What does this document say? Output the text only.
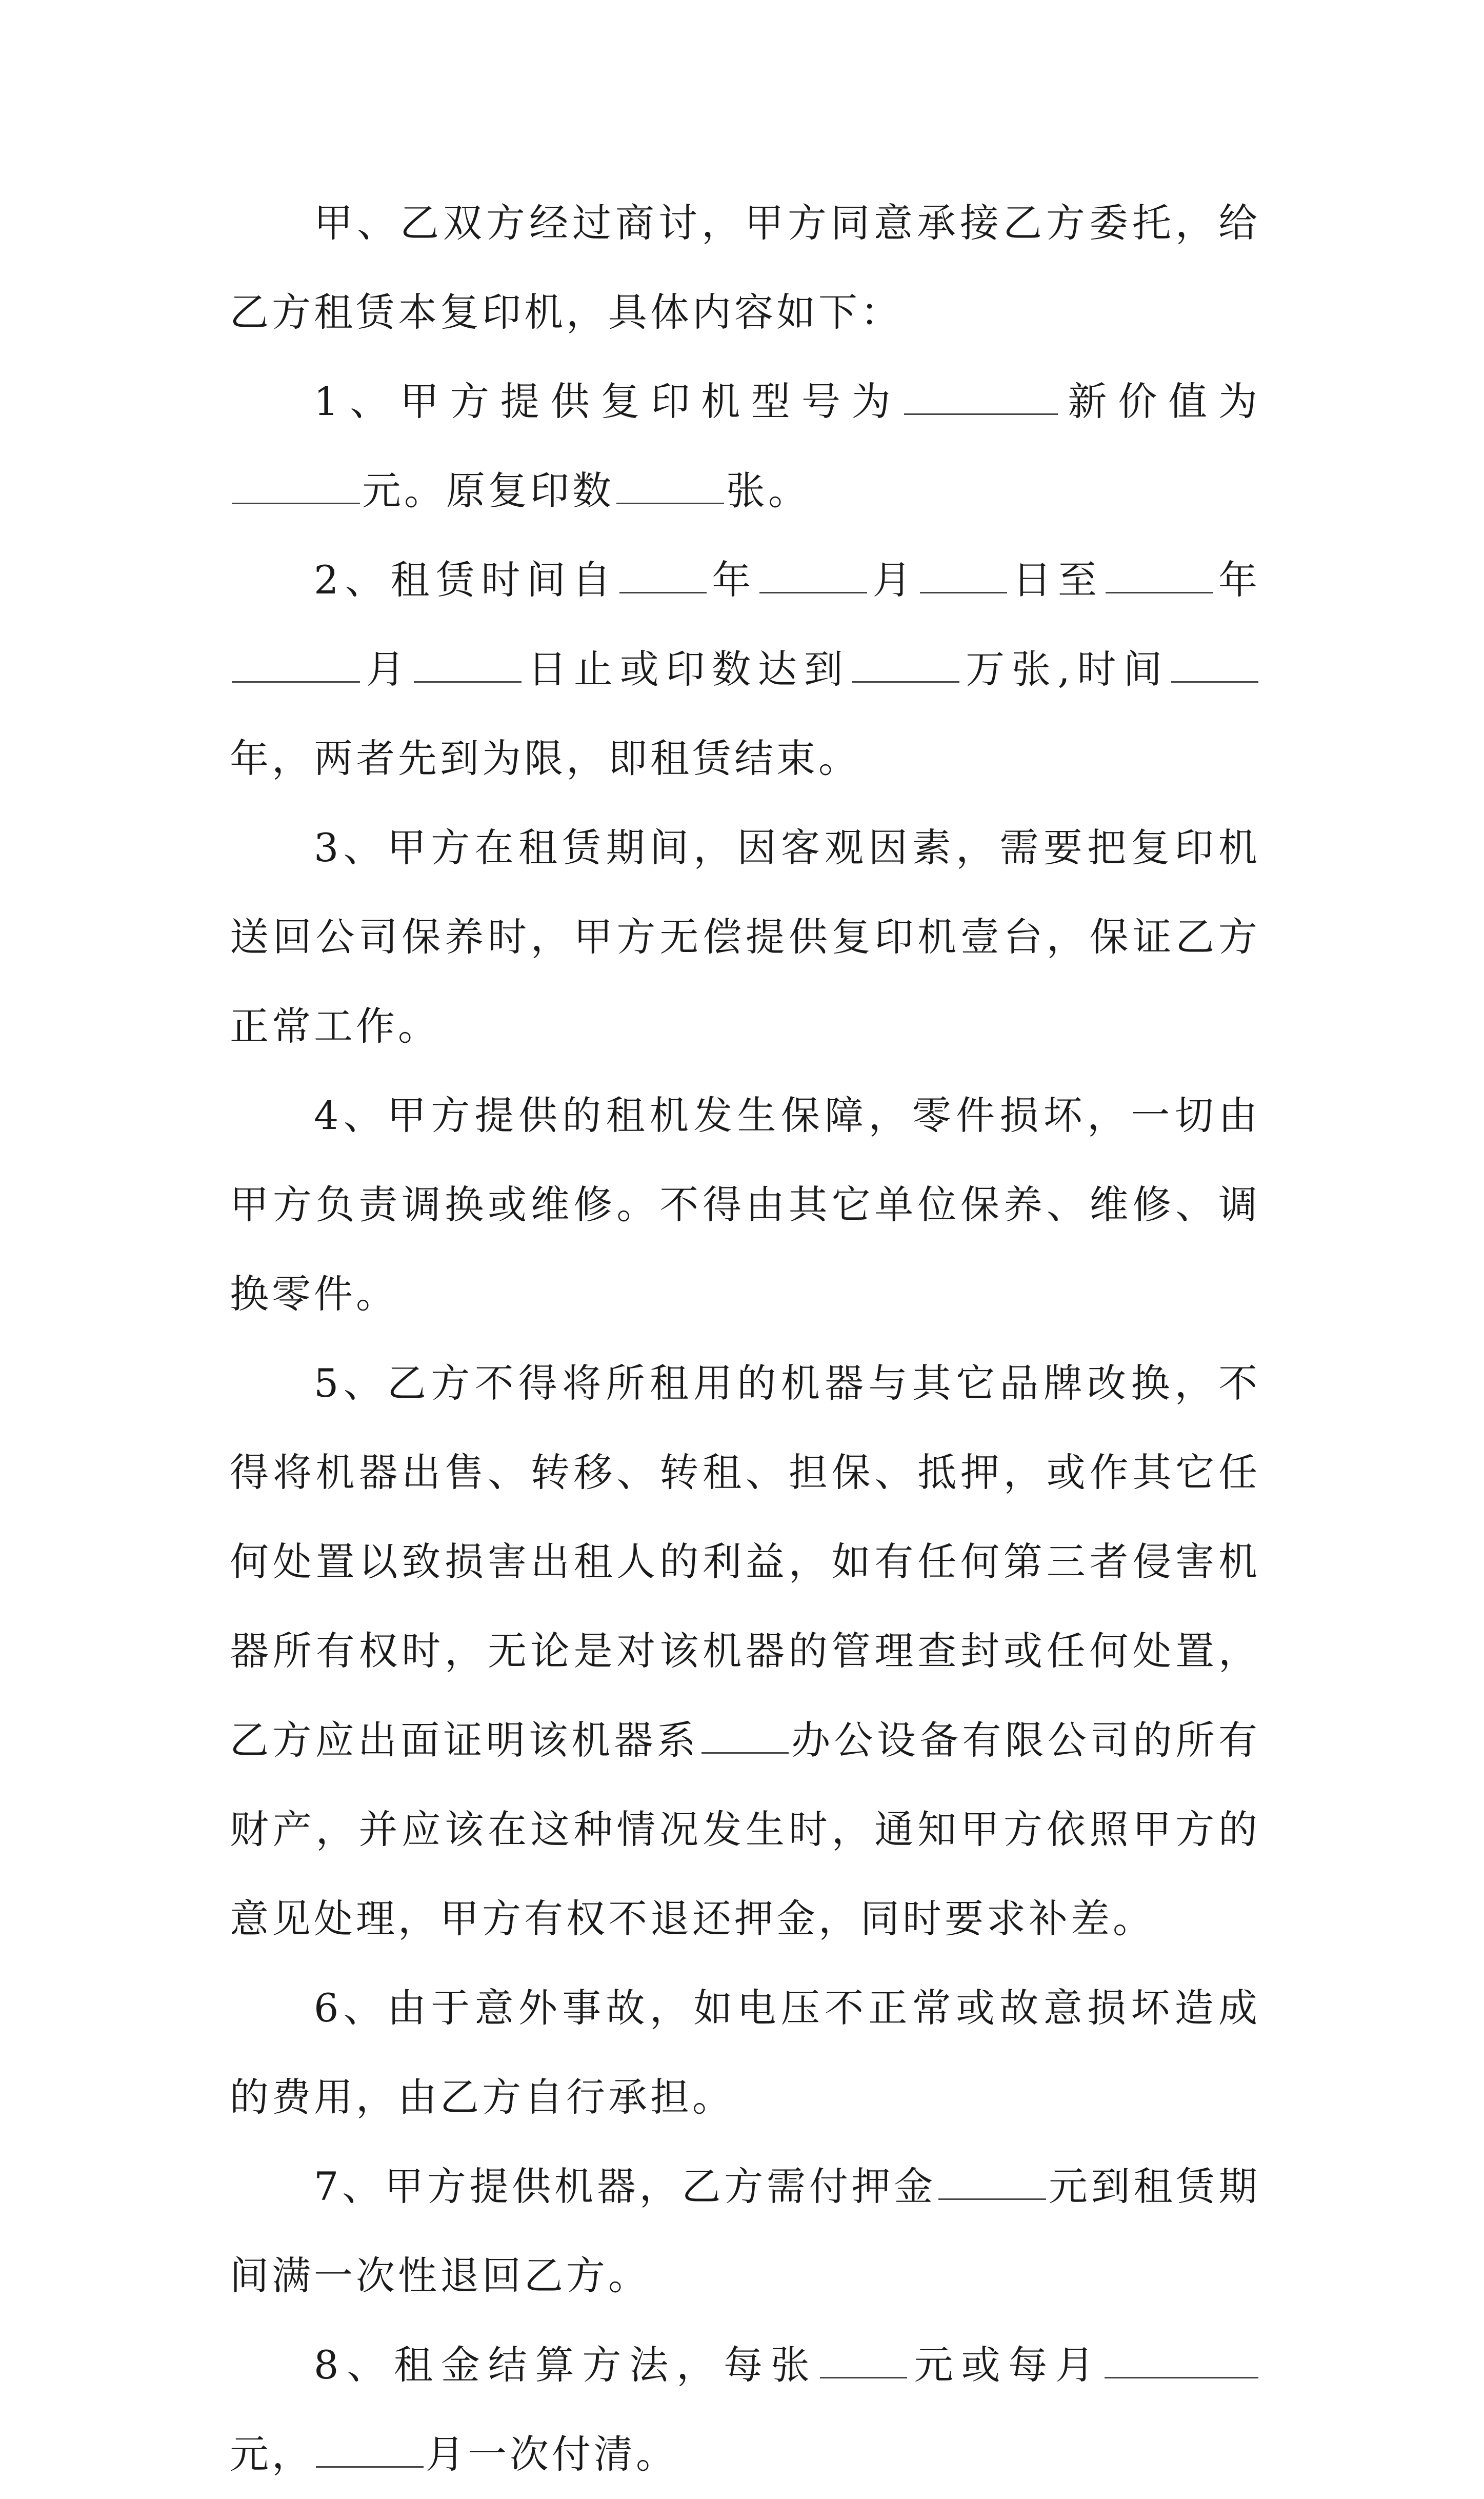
甲、乙双方经过商讨，甲方同意承接乙方委托，给乙方租赁本复印机，具体内容如下：

1、甲方提供复印机型号为	新价值为元。原复印数	张。

2、租赁时间自 年	月 日至	年月	日止或印数达到	万张,时间年，两者先到为限，即租赁结束。

3、甲方在租赁期间，因客观因素，需要把复印机送回公司保养时，甲方无偿提供复印机壹台，保证乙方正常工作。

4、甲方提供的租机发生保障，零件损坏，一切由甲方负责调换或维修。不得由其它单位保养、维修、调换零件。

5、乙方不得将所租用的机器与其它品牌改换，不得将机器出售、转移、转租、担保、抵押，或作其它任何处置以致损害出租人的利益，如有任何第三者侵害机器所有权时，无论是对该机器的管理查封或任何处置，乙方应出面证明该机器系 办公设备有限公司的所有财产，并应该在这种情况发生时，通知甲方依照甲方的意见处理，甲方有权不退还押金，同时要求补差。

6、由于意外事故，如电压不正常或故意损坏造成的费用，由乙方自行承担。

7、甲方提供机器，乙方需付押金	元到租赁期间满一次性退回乙方。

8、租金结算方法，每张 元或每月元，	月一次付清。
